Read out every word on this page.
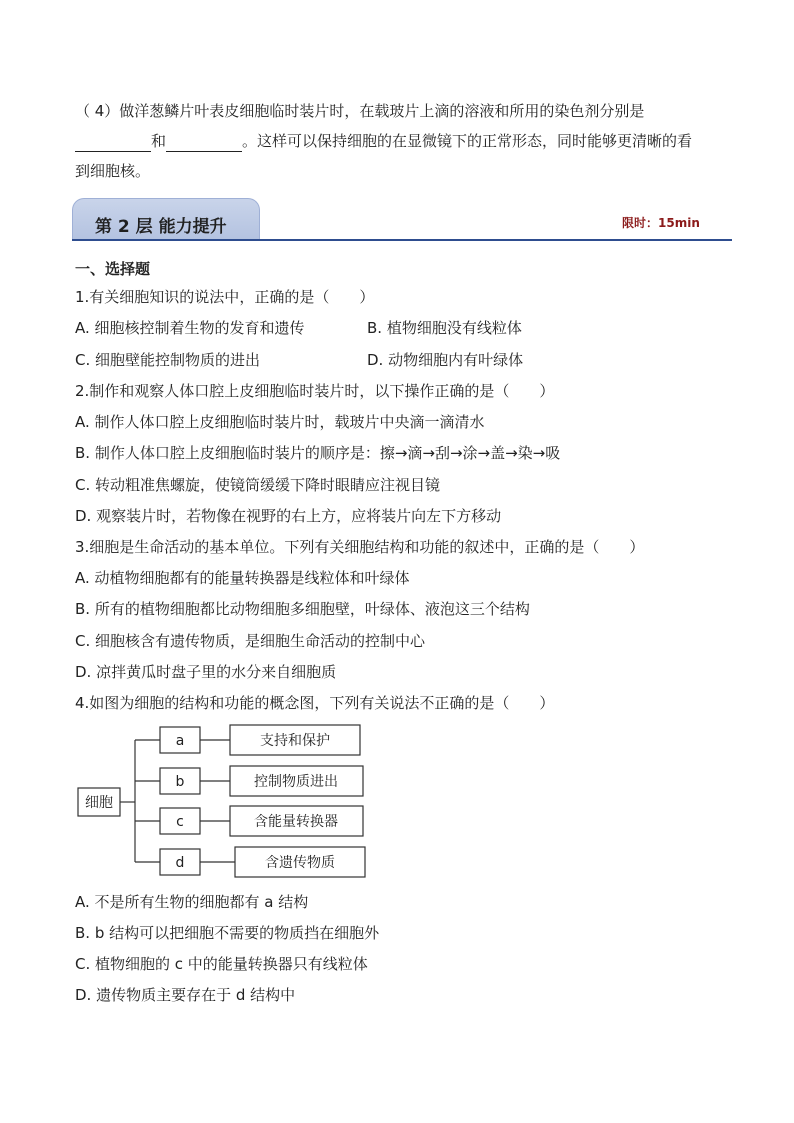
（ 4）做洋葱鳞片叶表皮细胞临时装片时，在载玻片上滴的溶液和所用的染色剂分别是
和	。这样可以保持细胞的在显微镜下的正常形态，同时能够更清晰的看
到细胞核。
第 2 层 能力提升	限时：15min
一、选择题
1.有关细胞知识的说法中，正确的是（　　）
A. 细胞核控制着生物的发育和遗传	B. 植物细胞没有线粒体
C. 细胞壁能控制物质的进出	D. 动物细胞内有叶绿体
2.制作和观察人体口腔上皮细胞临时装片时，以下操作正确的是（　　）
A. 制作人体口腔上皮细胞临时装片时，载玻片中央滴一滴清水
B. 制作人体口腔上皮细胞临时装片的顺序是：擦→滴→刮→涂→盖→染→吸
C. 转动粗准焦螺旋，使镜筒缓缓下降时眼睛应注视目镜
D. 观察装片时，若物像在视野的右上方，应将装片向左下方移动
3.细胞是生命活动的基本单位。下列有关细胞结构和功能的叙述中，正确的是（　　）
A. 动植物细胞都有的能量转换器是线粒体和叶绿体
B. 所有的植物细胞都比动物细胞多细胞壁，叶绿体、液泡这三个结构
C. 细胞核含有遗传物质，是细胞生命活动的控制中心
D. 凉拌黄瓜时盘子里的水分来自细胞质
4.如图为细胞的结构和功能的概念图，下列有关说法不正确的是（　　）
细胞
a
b
c
d
支持和保护
控制物质进出
含能量转换器
含遗传物质
A. 不是所有生物的细胞都有 a 结构
B. b 结构可以把细胞不需要的物质挡在细胞外
C. 植物细胞的 c 中的能量转换器只有线粒体
D. 遗传物质主要存在于 d 结构中
